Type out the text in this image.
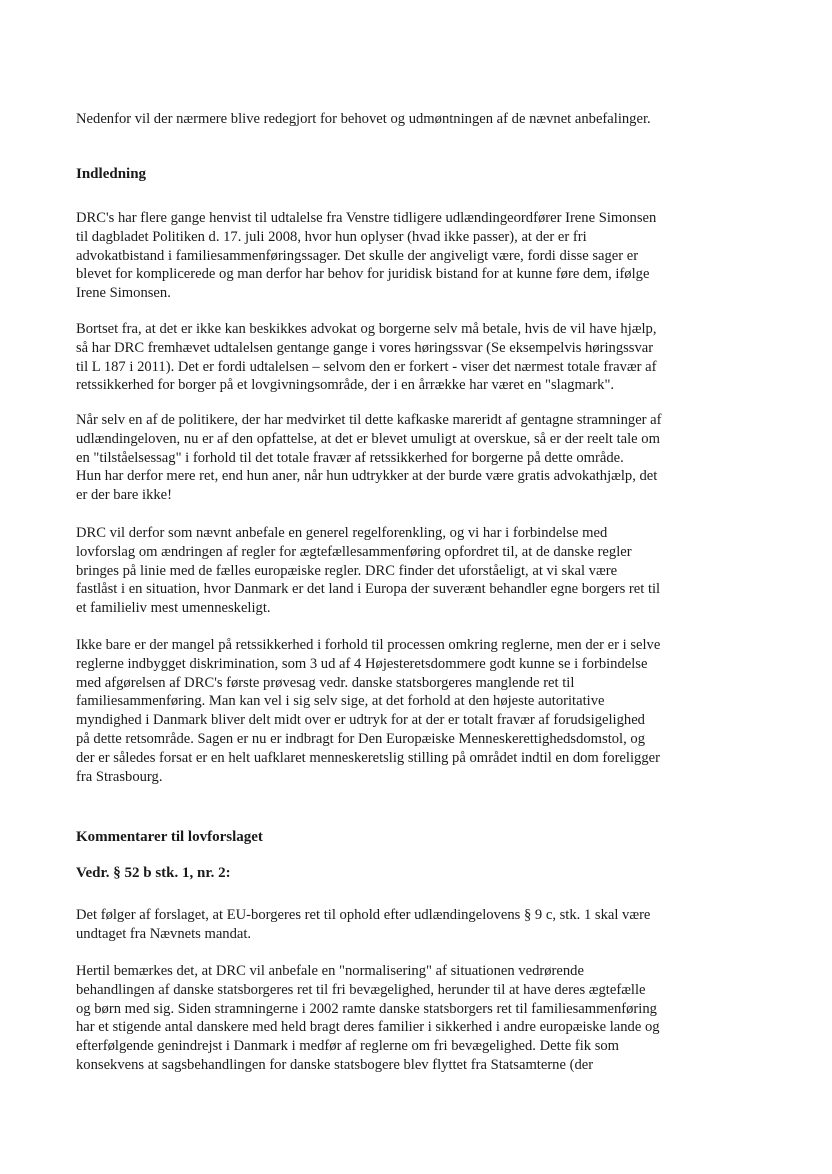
Nedenfor vil der nærmere blive redegjort for behovet og udmøntningen af de nævnet anbefalinger.

Indledning

DRC's har flere gange henvist til udtalelse fra Venstre tidligere udlændingeordfører Irene Simonsen
til dagbladet Politiken d. 17. juli 2008, hvor hun oplyser (hvad ikke passer), at der er fri
advokatbistand i familiesammenføringssager. Det skulle der angiveligt være, fordi disse sager er
blevet for komplicerede og man derfor har behov for juridisk bistand for at kunne føre dem, ifølge
Irene Simonsen.

Bortset fra, at det er ikke kan beskikkes advokat og borgerne selv må betale, hvis de vil have hjælp,
så har DRC fremhævet udtalelsen gentange gange i vores høringssvar (Se eksempelvis høringssvar
til L 187 i 2011). Det er fordi udtalelsen – selvom den er forkert - viser det nærmest totale fravær af
retssikkerhed for borger på et lovgivningsområde, der i en årrække har været en "slagmark".

Når selv en af de politikere, der har medvirket til dette kafkaske mareridt af gentagne stramninger af
udlændingeloven, nu er af den opfattelse, at det er blevet umuligt at overskue, så er der reelt tale om
en "tilståelsessag" i forhold til det totale fravær af retssikkerhed for borgerne på dette område.
Hun har derfor mere ret, end hun aner, når hun udtrykker at der burde være gratis advokathjælp, det
er der bare ikke!

DRC vil derfor som nævnt anbefale en generel regelforenkling, og vi har i forbindelse med
lovforslag om ændringen af regler for ægtefællesammenføring opfordret til, at de danske regler
bringes på linie med de fælles europæiske regler. DRC finder det uforståeligt, at vi skal være
fastlåst i en situation, hvor Danmark er det land i Europa der suverænt behandler egne borgers ret til
et familieliv mest umenneskeligt.

Ikke bare er der mangel på retssikkerhed i forhold til processen omkring reglerne, men der er i selve
reglerne indbygget diskrimination, som 3 ud af 4 Højesteretsdommere godt kunne se i forbindelse
med afgørelsen af DRC's første prøvesag vedr. danske statsborgeres manglende ret til
familiesammenføring. Man kan vel i sig selv sige, at det forhold at den højeste autoritative
myndighed i Danmark bliver delt midt over er udtryk for at der er totalt fravær af forudsigelighed
på dette retsområde. Sagen er nu er indbragt for Den Europæiske Menneskerettighedsdomstol, og
der er således forsat er en helt uafklaret menneskeretslig stilling på området indtil en dom foreligger
fra Strasbourg.

Kommentarer til lovforslaget

Vedr. § 52 b stk. 1, nr. 2:

Det følger af forslaget, at EU-borgeres ret til ophold efter udlændingelovens § 9 c, stk. 1 skal være
undtaget fra Nævnets mandat.

Hertil bemærkes det, at DRC vil anbefale en "normalisering" af situationen vedrørende
behandlingen af danske statsborgeres ret til fri bevægelighed, herunder til at have deres ægtefælle
og børn med sig. Siden stramningerne i 2002 ramte danske statsborgers ret til familiesammenføring
har et stigende antal danskere med held bragt deres familier i sikkerhed i andre europæiske lande og
efterfølgende genindrejst i Danmark i medfør af reglerne om fri bevægelighed. Dette fik som
konsekvens at sagsbehandlingen for danske statsbogere blev flyttet fra Statsamterne (der
